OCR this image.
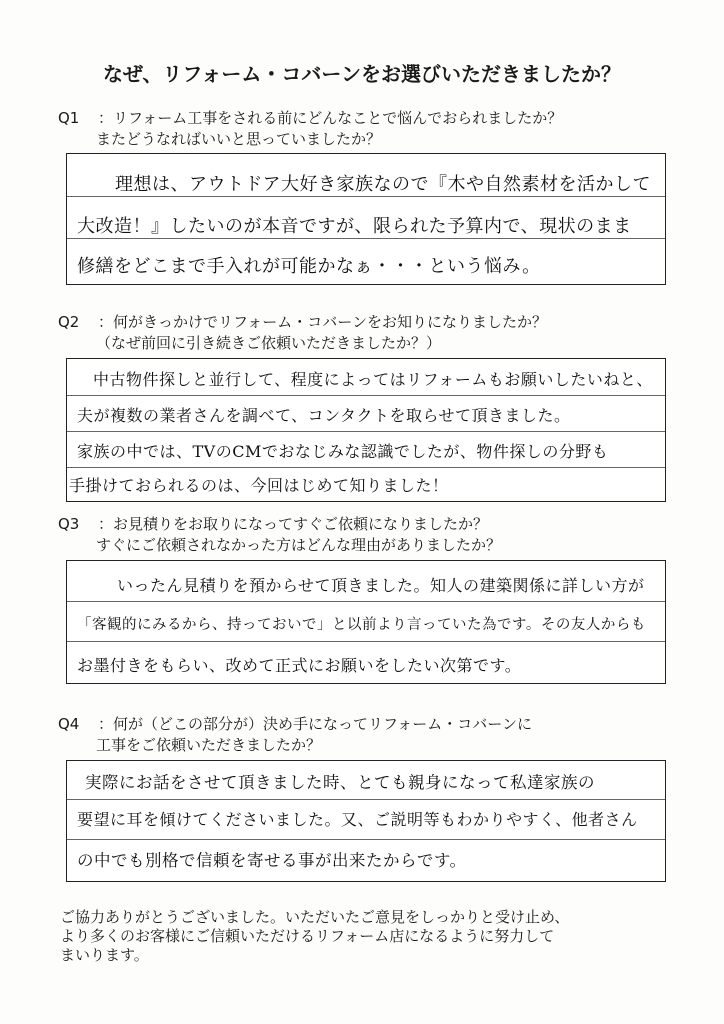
なぜ、リフォーム・コバーンをお選びいただきましたか？
Q1 ：リフォーム工事をされる前にどんなことで悩んでおられましたか？
またどうなればいいと思っていましたか？
理想は、アウトドア大好き家族なので『木や自然素材を活かして
大改造！』したいのが本音ですが、限られた予算内で、現状のまま
修繕をどこまで手入れが可能かなぁ・・・という悩み。
Q2 ：何がきっかけでリフォーム・コバーンをお知りになりましたか？
（なぜ前回に引き続きご依頼いただきましたか？）
中古物件探しと並行して、程度によってはリフォームもお願いしたいねと、
夫が複数の業者さんを調べて、コンタクトを取らせて頂きました。
家族の中では、TVのCMでおなじみな認識でしたが、物件探しの分野も
手掛けておられるのは、今回はじめて知りました！
Q3 ：お見積りをお取りになってすぐご依頼になりましたか？
すぐにご依頼されなかった方はどんな理由がありましたか？
いったん見積りを預からせて頂きました。知人の建築関係に詳しい方が
「客観的にみるから、持っておいで」と以前より言っていた為です。その友人からも
お墨付きをもらい、改めて正式にお願いをしたい次第です。
Q4 ：何が（どこの部分が）決め手になってリフォーム・コバーンに
工事をご依頼いただきましたか？
実際にお話をさせて頂きました時、とても親身になって私達家族の
要望に耳を傾けてくださいました。又、ご説明等もわかりやすく、他者さん
の中でも別格で信頼を寄せる事が出来たからです。
ご協力ありがとうございました。いただいたご意見をしっかりと受け止め、
より多くのお客様にご信頼いただけるリフォーム店になるように努力して
まいります。
